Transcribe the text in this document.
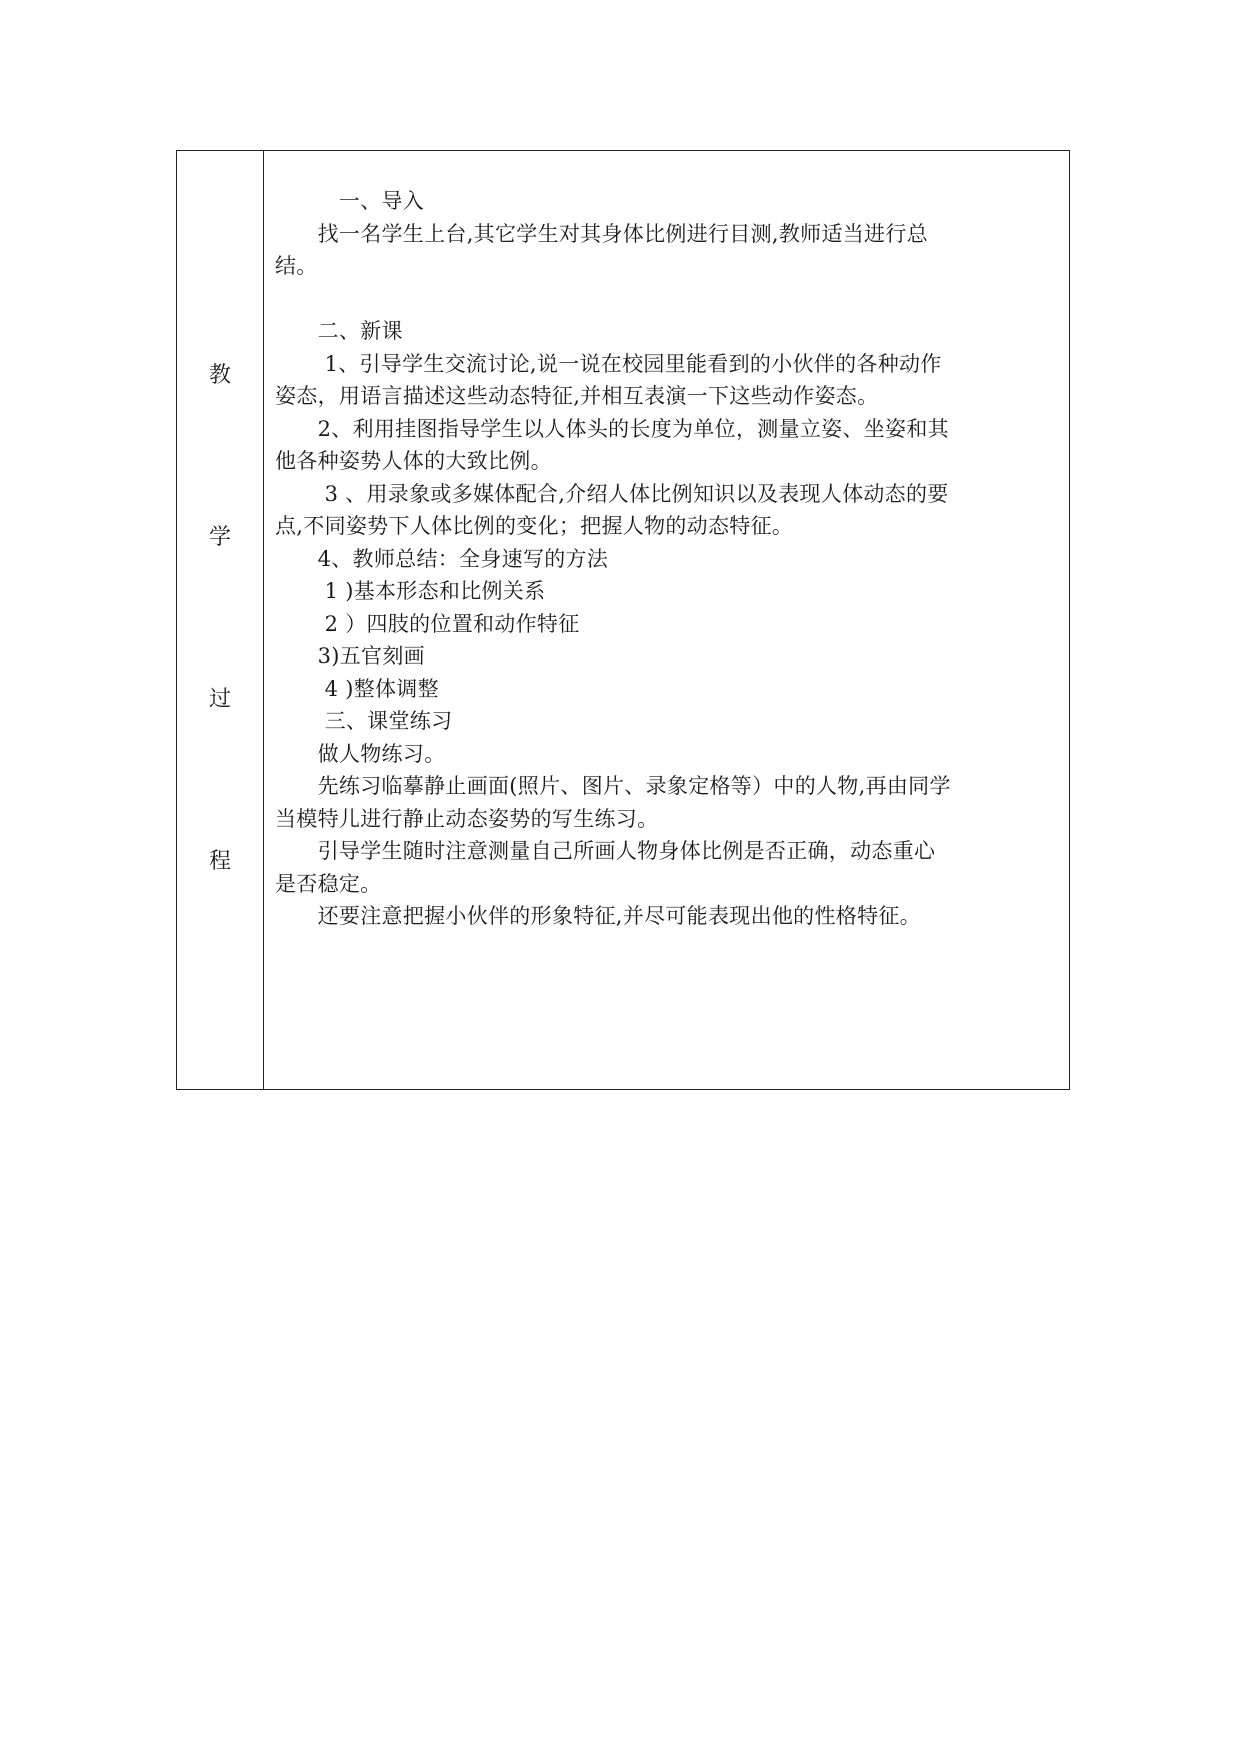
教
学
过
程
　　　一、导入
　　找一名学生上台,其它学生对其身体比例进行目测,教师适当进行总
结。
　　二、新课
　　 1、引导学生交流讨论,说一说在校园里能看到的小伙伴的各种动作
姿态，用语言描述这些动态特征,并相互表演一下这些动作姿态。
　　2、利用挂图指导学生以人体头的长度为单位，测量立姿、坐姿和其
他各种姿势人体的大致比例。
　　 3 、用录象或多媒体配合,介绍人体比例知识以及表现人体动态的要
点,不同姿势下人体比例的变化；把握人物的动态特征。
　　4、教师总结：全身速写的方法
　　 1 )基本形态和比例关系
　　 2 ）四肢的位置和动作特征
　　3)五官刻画
　　 4 )整体调整
　　 三、课堂练习
　　做人物练习。
　　先练习临摹静止画面(照片、图片、录象定格等）中的人物,再由同学
当模特儿进行静止动态姿势的写生练习。
　　引导学生随时注意测量自己所画人物身体比例是否正确，动态重心
是否稳定。
　　还要注意把握小伙伴的形象特征,并尽可能表现出他的性格特征。
